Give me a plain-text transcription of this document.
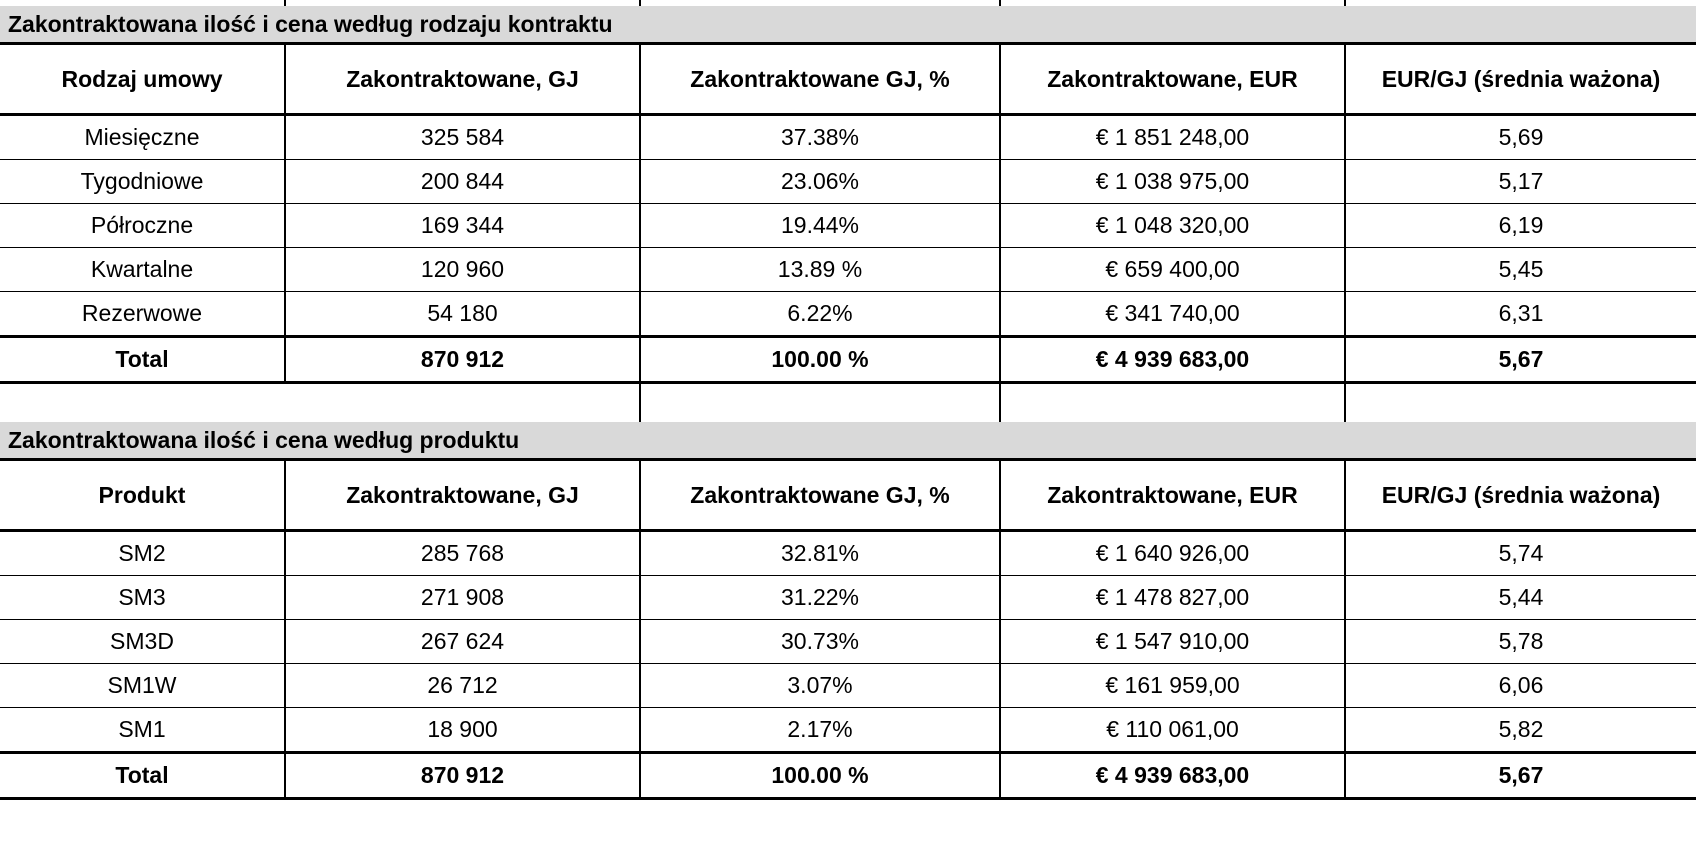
Zakontraktowana ilość i cena według rodzaju kontraktu				
Rodzaj umowy	Zakontraktowane, GJ	Zakontraktowane GJ, %	Zakontraktowane, EUR	EUR/GJ (średnia ważona)
Miesięczne	325 584	37.38%	€ 1 851 248,00	5,69
Tygodniowe	200 844	23.06%	€ 1 038 975,00	5,17
Półroczne	169 344	19.44%	€ 1 048 320,00	6,19
Kwartalne	120 960	13.89 %	€ 659 400,00	5,45
Rezerwowe	54 180	6.22%	€ 341 740,00	6,31
Total	870 912	100.00 %	€ 4 939 683,00	5,67

Zakontraktowana ilość i cena według produktu				
Produkt	Zakontraktowane, GJ	Zakontraktowane GJ, %	Zakontraktowane, EUR	EUR/GJ (średnia ważona)
SM2	285 768	32.81%	€ 1 640 926,00	5,74
SM3	271 908	31.22%	€ 1 478 827,00	5,44
SM3D	267 624	30.73%	€ 1 547 910,00	5,78
SM1W	26 712	3.07%	€ 161 959,00	6,06
SM1	18 900	2.17%	€ 110 061,00	5,82
Total	870 912	100.00 %	€ 4 939 683,00	5,67
